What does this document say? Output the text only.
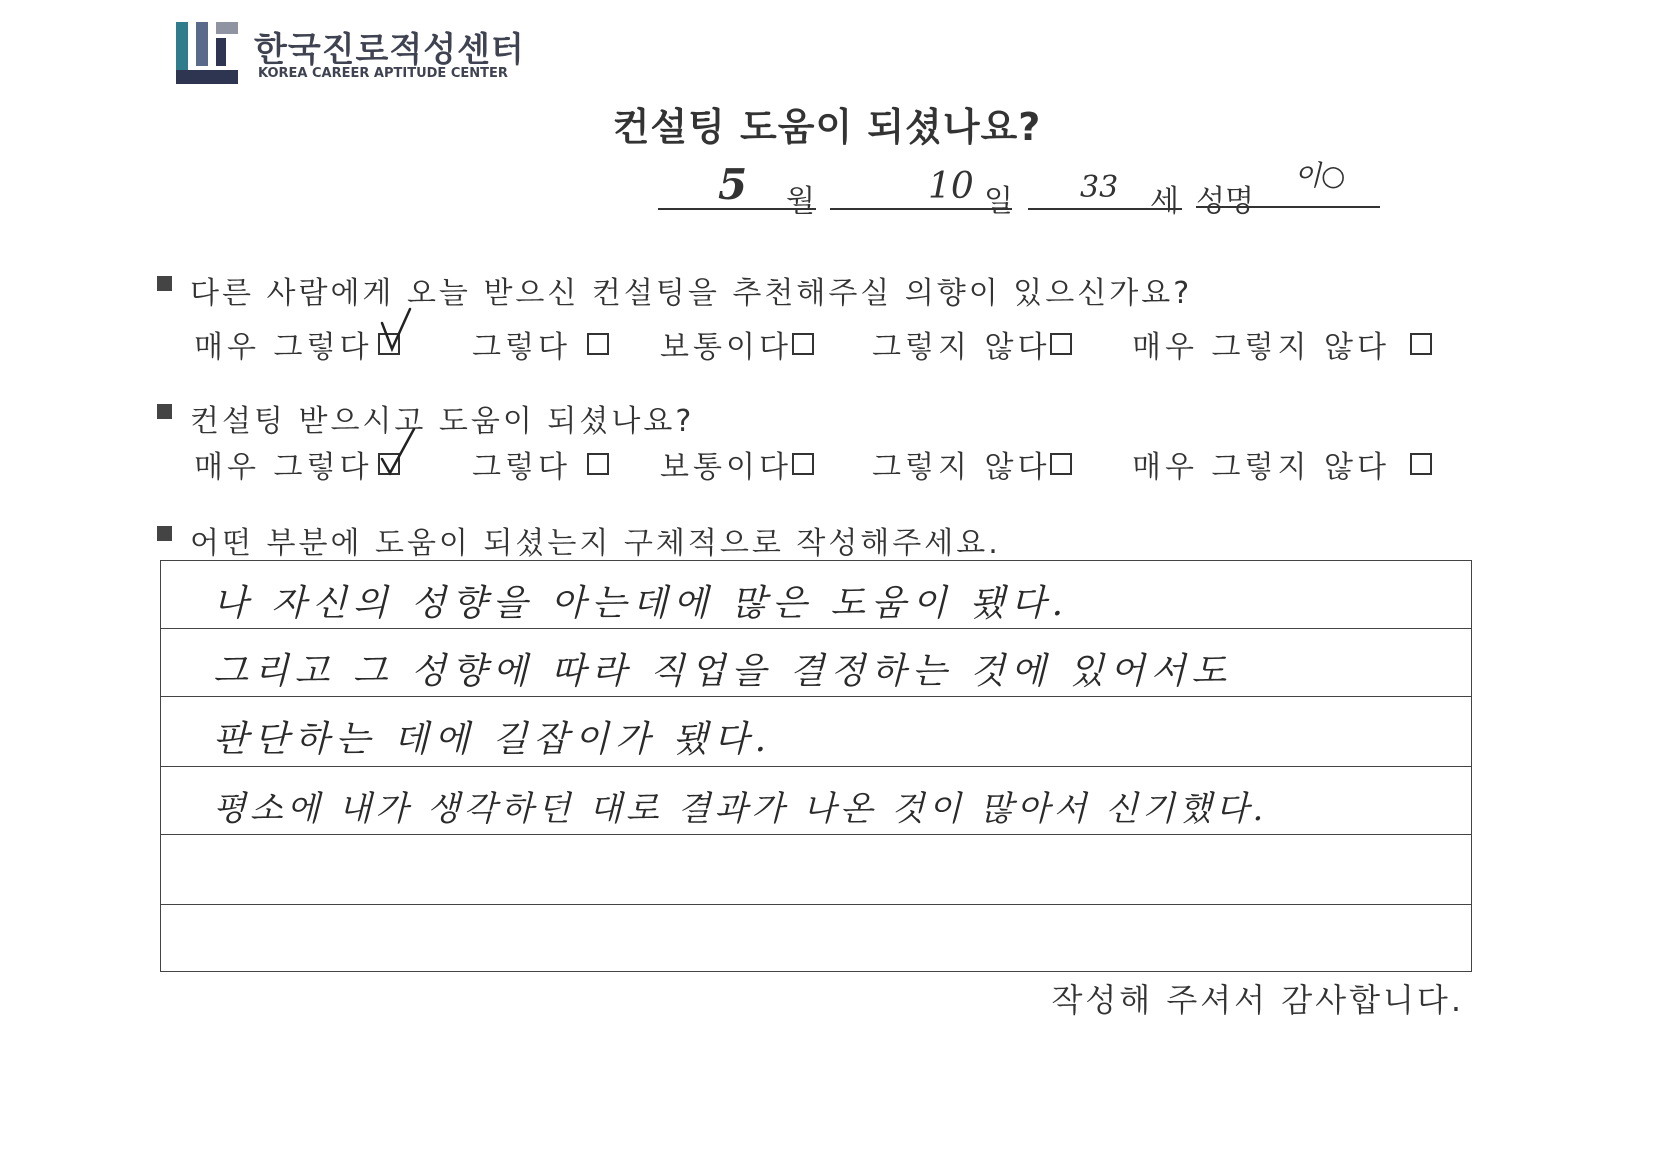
한국진로적성센터
KOREA CAREER APTITUDE CENTER
컨설팅 도움이 되셨나요?
5 월	10 일 33 세 성명
이○
다른 사람에게 오늘 받으신 컨설팅을 추천해주실 의향이 있으신가요?
매우 그렇다	그렇다	보통이다	그렇지 않다	매우 그렇지 않다
컨설팅 받으시고 도움이 되셨나요?
매우 그렇다	그렇다	보통이다	그렇지 않다	매우 그렇지 않다
어떤 부분에 도움이 되셨는지 구체적으로 작성해주세요.
나 자신의 성향을 아는데에 많은 도움이 됐다.
그리고 그 성향에 따라 직업을 결정하는 것에 있어서도
판단하는 데에 길잡이가 됐다.
평소에 내가 생각하던 대로 결과가 나온 것이 많아서 신기했다.
작성해 주셔서 감사합니다.
